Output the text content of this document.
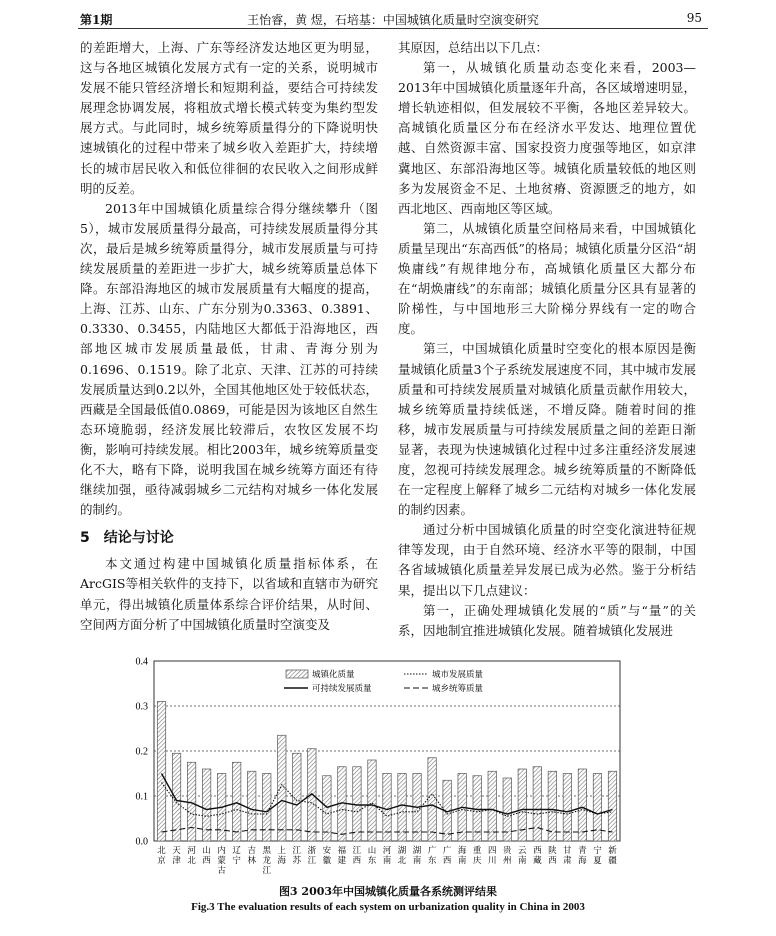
第1期	王怡睿，黄 煜，石培基：中国城镇化质量时空演变研究	95

的差距增大，上海、广东等经济发达地区更为明显，这与各地区城镇化发展方式有一定的关系，说明城市发展不能只管经济增长和短期利益，要结合可持续发展理念协调发展，将粗放式增长模式转变为集约型发展方式。与此同时，城乡统筹质量得分的下降说明快速城镇化的过程中带来了城乡收入差距扩大，持续增长的城市居民收入和低位徘徊的农民收入之间形成鲜明的反差。

2013年中国城镇化质量综合得分继续攀升（图5），城市发展质量得分最高，可持续发展质量得分其次，最后是城乡统筹质量得分，城市发展质量与可持续发展质量的差距进一步扩大，城乡统筹质量总体下降。东部沿海地区的城市发展质量有大幅度的提高，上海、江苏、山东、广东分别为0.3363、0.3891、0.3330、0.3455，内陆地区大都低于沿海地区，西部地区城市发展质量最低，甘肃、青海分别为0.1696、0.1519。除了北京、天津、江苏的可持续发展质量达到0.2以外，全国其他地区处于较低状态，西藏是全国最低值0.0869，可能是因为该地区自然生态环境脆弱，经济发展比较滞后，农牧区发展不均衡，影响可持续发展。相比2003年，城乡统筹质量变化不大，略有下降，说明我国在城乡统筹方面还有待继续加强，亟待减弱城乡二元结构对城乡一体化发展的制约。

5 结论与讨论

本文通过构建中国城镇化质量指标体系，在ArcGIS等相关软件的支持下，以省域和直辖市为研究单元，得出城镇化质量体系综合评价结果，从时间、空间两方面分析了中国城镇化质量时空演变及

其原因，总结出以下几点：

第一，从城镇化质量动态变化来看，2003—2013年中国城镇化质量逐年升高，各区域增速明显，增长轨迹相似，但发展较不平衡，各地区差异较大。高城镇化质量区分布在经济水平发达、地理位置优越、自然资源丰富、国家投资力度强等地区，如京津冀地区、东部沿海地区等。城镇化质量较低的地区则多为发展资金不足、土地贫瘠、资源匮乏的地方，如西北地区、西南地区等区域。

第二，从城镇化质量空间格局来看，中国城镇化质量呈现出“东高西低”的格局；城镇化质量分区沿“胡焕庸线”有规律地分布，高城镇化质量区大都分布在“胡焕庸线”的东南部；城镇化质量分区具有显著的阶梯性，与中国地形三大阶梯分界线有一定的吻合度。

第三，中国城镇化质量时空变化的根本原因是衡量城镇化质量3个子系统发展速度不同，其中城市发展质量和可持续发展质量对城镇化质量贡献作用较大，城乡统筹质量持续低迷，不增反降。随着时间的推移，城市发展质量与可持续发展质量之间的差距日渐显著，表现为快速城镇化过程中过多注重经济发展速度，忽视可持续发展理念。城乡统筹质量的不断降低在一定程度上解释了城乡二元结构对城乡一体化发展的制约因素。

通过分析中国城镇化质量的时空变化演进特征规律等发现，由于自然环境、经济水平等的限制，中国各省域城镇化质量差异发展已成为必然。鉴于分析结果，提出以下几点建议：

第一，正确处理城镇化发展的“质”与“量”的关系，因地制宜推进城镇化发展。随着城镇化发展进

0.0
0.1
0.2
0.3
0.4
北京
天津
河北
山西
内蒙古
辽宁
吉林
黑龙江
上海
江苏
浙江
安徽
福建
江西
山东
河南
湖北
湖南
广东
广西
海南
重庆
四川
贵州
云南
西藏
陕西
甘肃
青海
宁夏
新疆
城镇化质量	城市发展质量
可持续发展质量	城乡统筹质量
图3 2003年中国城镇化质量各系统测评结果
Fig.3 The evaluation results of each system on urbanization quality in China in 2003
